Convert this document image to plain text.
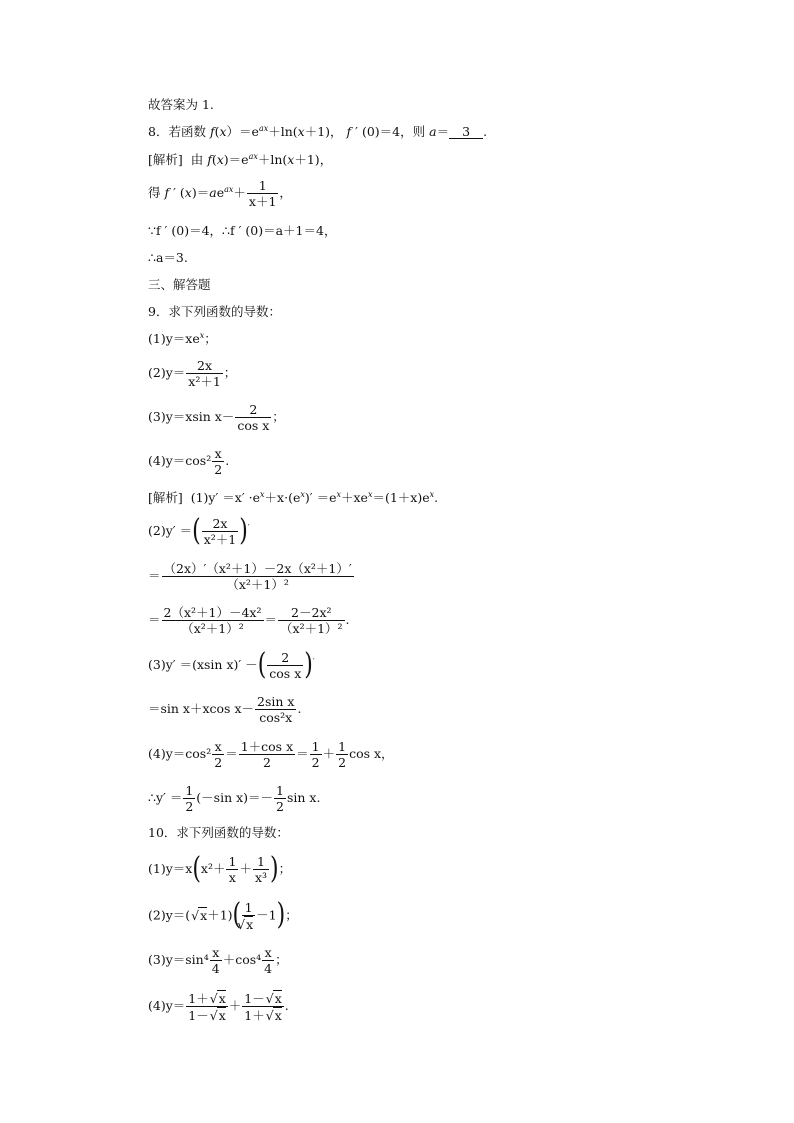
故答案为 1.
8．若函数 $f(x)=e^{ax}+\ln(x+1)$， f ′ (0)＝4，则 a＝ 3 .
[解析] 由 $f(x)=e^{ax}+\ln(x+1)$，
得 f ′ $(x)=ae^{ax}+ \frac{1}{x+1}$ ，
∵f ′ (0)＝4，∴f ′ (0)＝a＋1＝4，
∴a＝3.
三、解答题
9．求下列函数的导数：
$(1)y=xe^x$；
$(2)y= \frac{2x}{\text{x²＋1}}$ ；
(3)y＝xsin $x- \frac{2}{\text{cos x}}$ ；
$(4)y=\cos^2 \frac{x}{2}$ .
[解析] $(1)y' =x' \cdot e^x+x\cdot(e^x)' =e^x+xe^x=(1+x)e^x$.
(2)y′ ＝( $\frac{2x}{\text{x²＋1}} )'$
＝ $\frac{\text{（2x）′（x²＋1）－2x（x²＋1）′}}{\text{（x²＋1）²}}$
＝ $\frac{\text{2（x²＋1）－4x²}}{\text{（x²＋1）²}} = \frac{\text{2－2x²}}{\text{（x²＋1）²}}$ .
(3)y′ ＝(xsin x)′ －( $\frac{2}{\text{cos x}} )'$
＝sin x＋xcos $x- \frac{\text{2sin x}}{\text{cos²x}}$ .
$(4)y=\cos^2 \frac{x}{2} = \frac{\text{1＋cos x}}{2} = \frac{1}{2} + \frac{1}{2}$ cos x，
∴y′ ＝ $\frac{1}{2} (-\sin$ $x)=- \frac{1}{2}$ sin x.
10．求下列函数的导数：
$(1)y=x(x^2+ \frac{1}{x} + \frac{1}{\text{x³}}$ )；
(2)y＝( √ x＋1)( 1
√ x －1)；
$(3)y=\sin^4 \frac{x}{4} +\cos^4 \frac{x}{4}$ ；
$(4)y= \frac{1+ √ x}{1- √ x} + \frac{1- √ x}{1+ √ x}$ .
